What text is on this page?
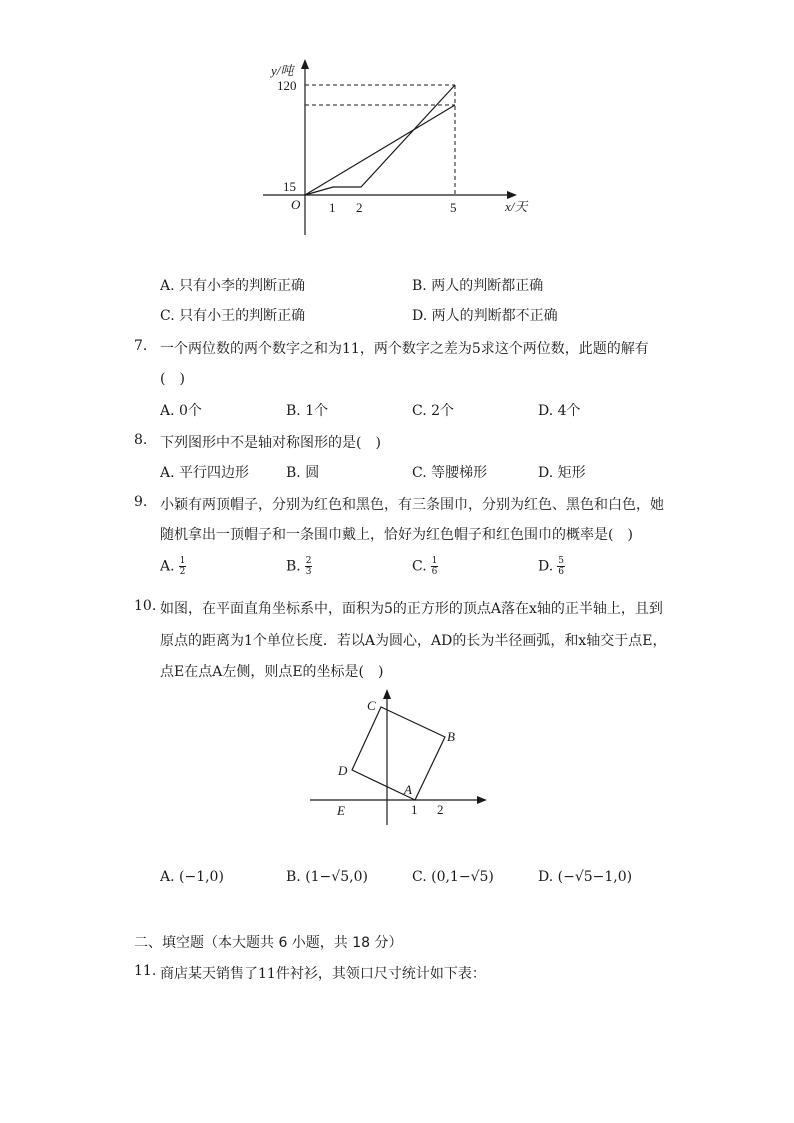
y/吨
120
15
O 1 2	5	x/天
A. 只有小李的判断正确	B. 两人的判断都正确
C. 只有小王的判断正确	D. 两人的判断都不正确
7. 一个两位数的两个数字之和为11，两个数字之差为5求这个两位数，此题的解有
(　)
A. 0个	B. 1个	C. 2个	D. 4个
8. 下列图形中不是轴对称图形的是(　)
A. 平行四边形	B. 圆	C. 等腰梯形	D. 矩形
9. 小颖有两顶帽子，分别为红色和黑色，有三条围巾，分别为红色、黑色和白色，她
随机拿出一顶帽子和一条围巾戴上，恰好为红色帽子和红色围巾的概率是(　)
A. $\frac{1}{2}$	B. $\frac{2}{3}$	C. $\frac{1}{6}$	D. $\frac{5}{6}$
10. 如图，在平面直角坐标系中，面积为5的正方形的顶点A落在x轴的正半轴上，且到
原点的距离为1个单位长度．若以A为圆心，AD的长为半径画弧，和x轴交于点E，
点E在点A左侧，则点E的坐标是(　)
C
B
D
A
E	1 2
A. (−1,0)	B. (1−√5,0)	C. (0,1−√5)	D. (−√5−1,0)
二、填空题（本大题共 6 小题，共 18 分）
11. 商店某天销售了11件衬衫，其领口尺寸统计如下表：
